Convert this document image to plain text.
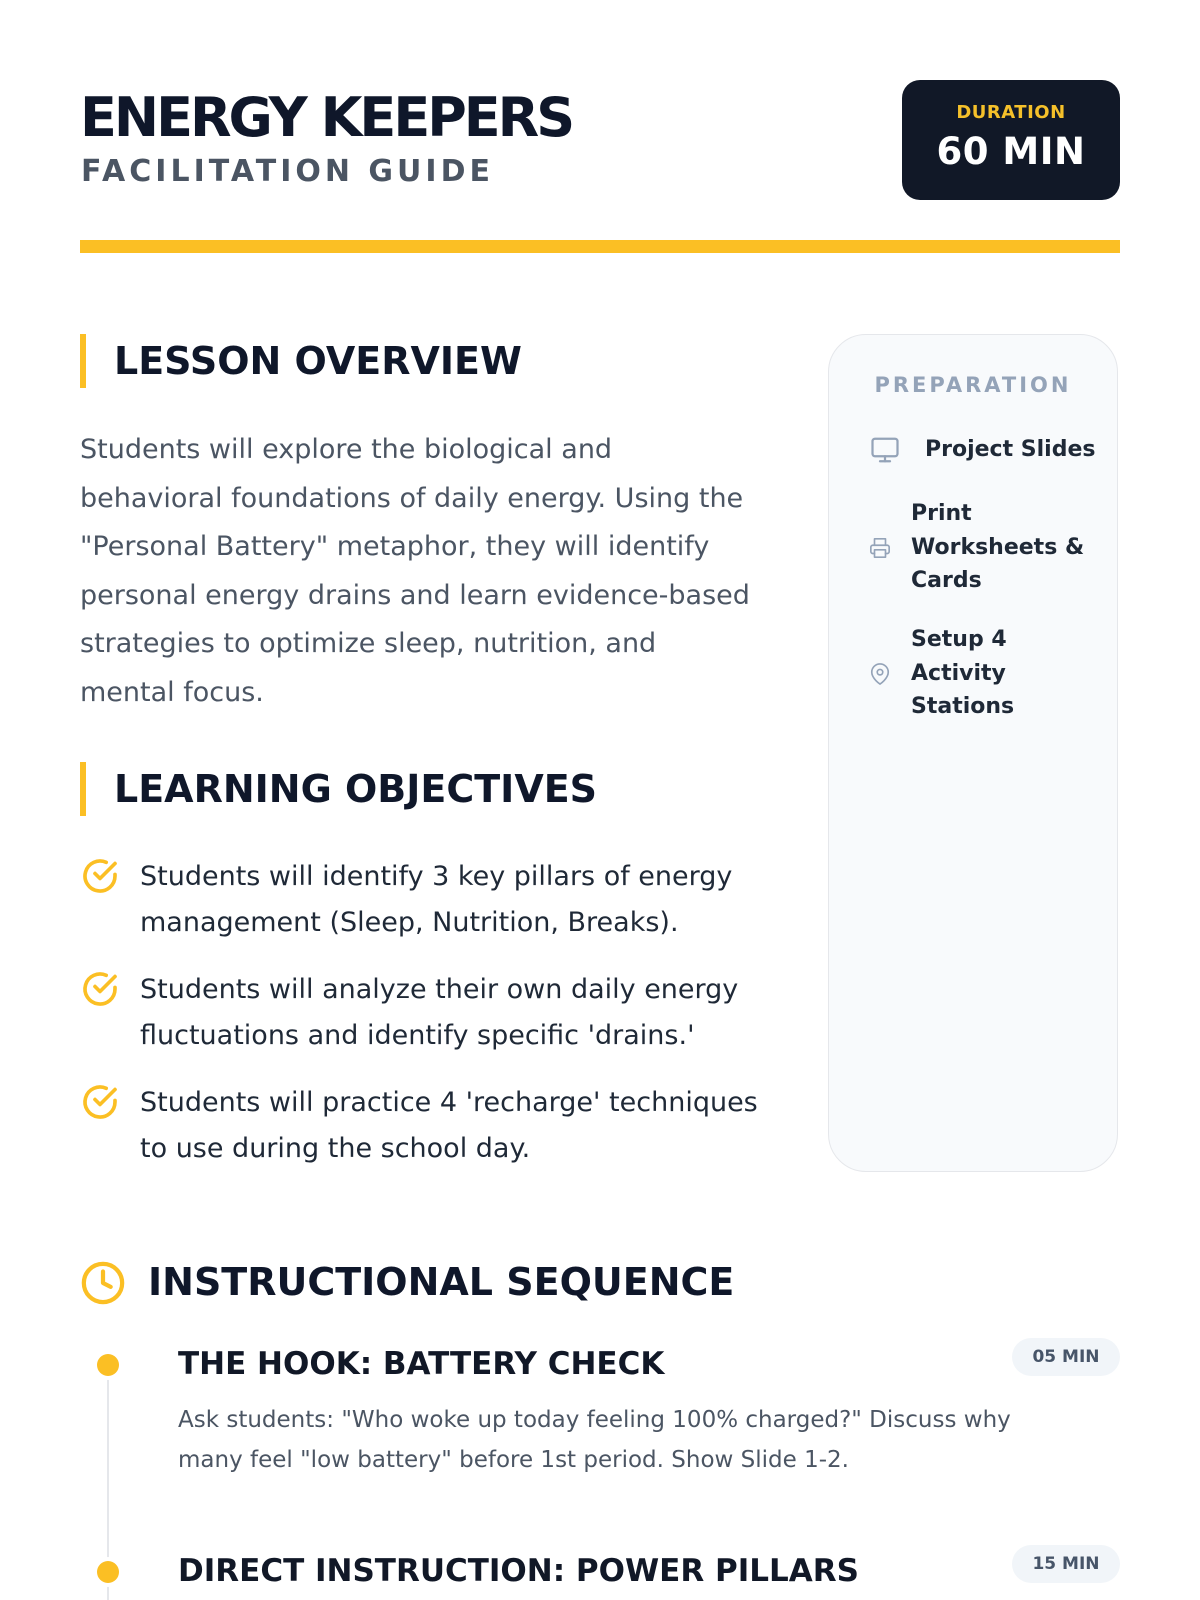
ENERGY KEEPERS
FACILITATION GUIDE
DURATION
60 MIN
LESSON OVERVIEW

Students will explore the biological and behavioral foundations of daily energy. Using the "Personal Battery" metaphor, they will identify personal energy drains and learn evidence-based strategies to optimize sleep, nutrition, and mental focus.

LEARNING OBJECTIVES
Students will identify 3 key pillars of energy management (Sleep, Nutrition, Breaks).
Students will analyze their own daily energy fluctuations and identify specific 'drains.'
Students will practice 4 'recharge' techniques to use during the school day.
PREPARATION
Project Slides
Print Worksheets & Cards
Setup 4 Activity Stations
INSTRUCTIONAL SEQUENCE
THE HOOK: BATTERY CHECK	05 MIN
Ask students: "Who woke up today feeling 100% charged?" Discuss why many feel "low battery" before 1st period. Show Slide 1-2.
DIRECT INSTRUCTION: POWER PILLARS	15 MIN
